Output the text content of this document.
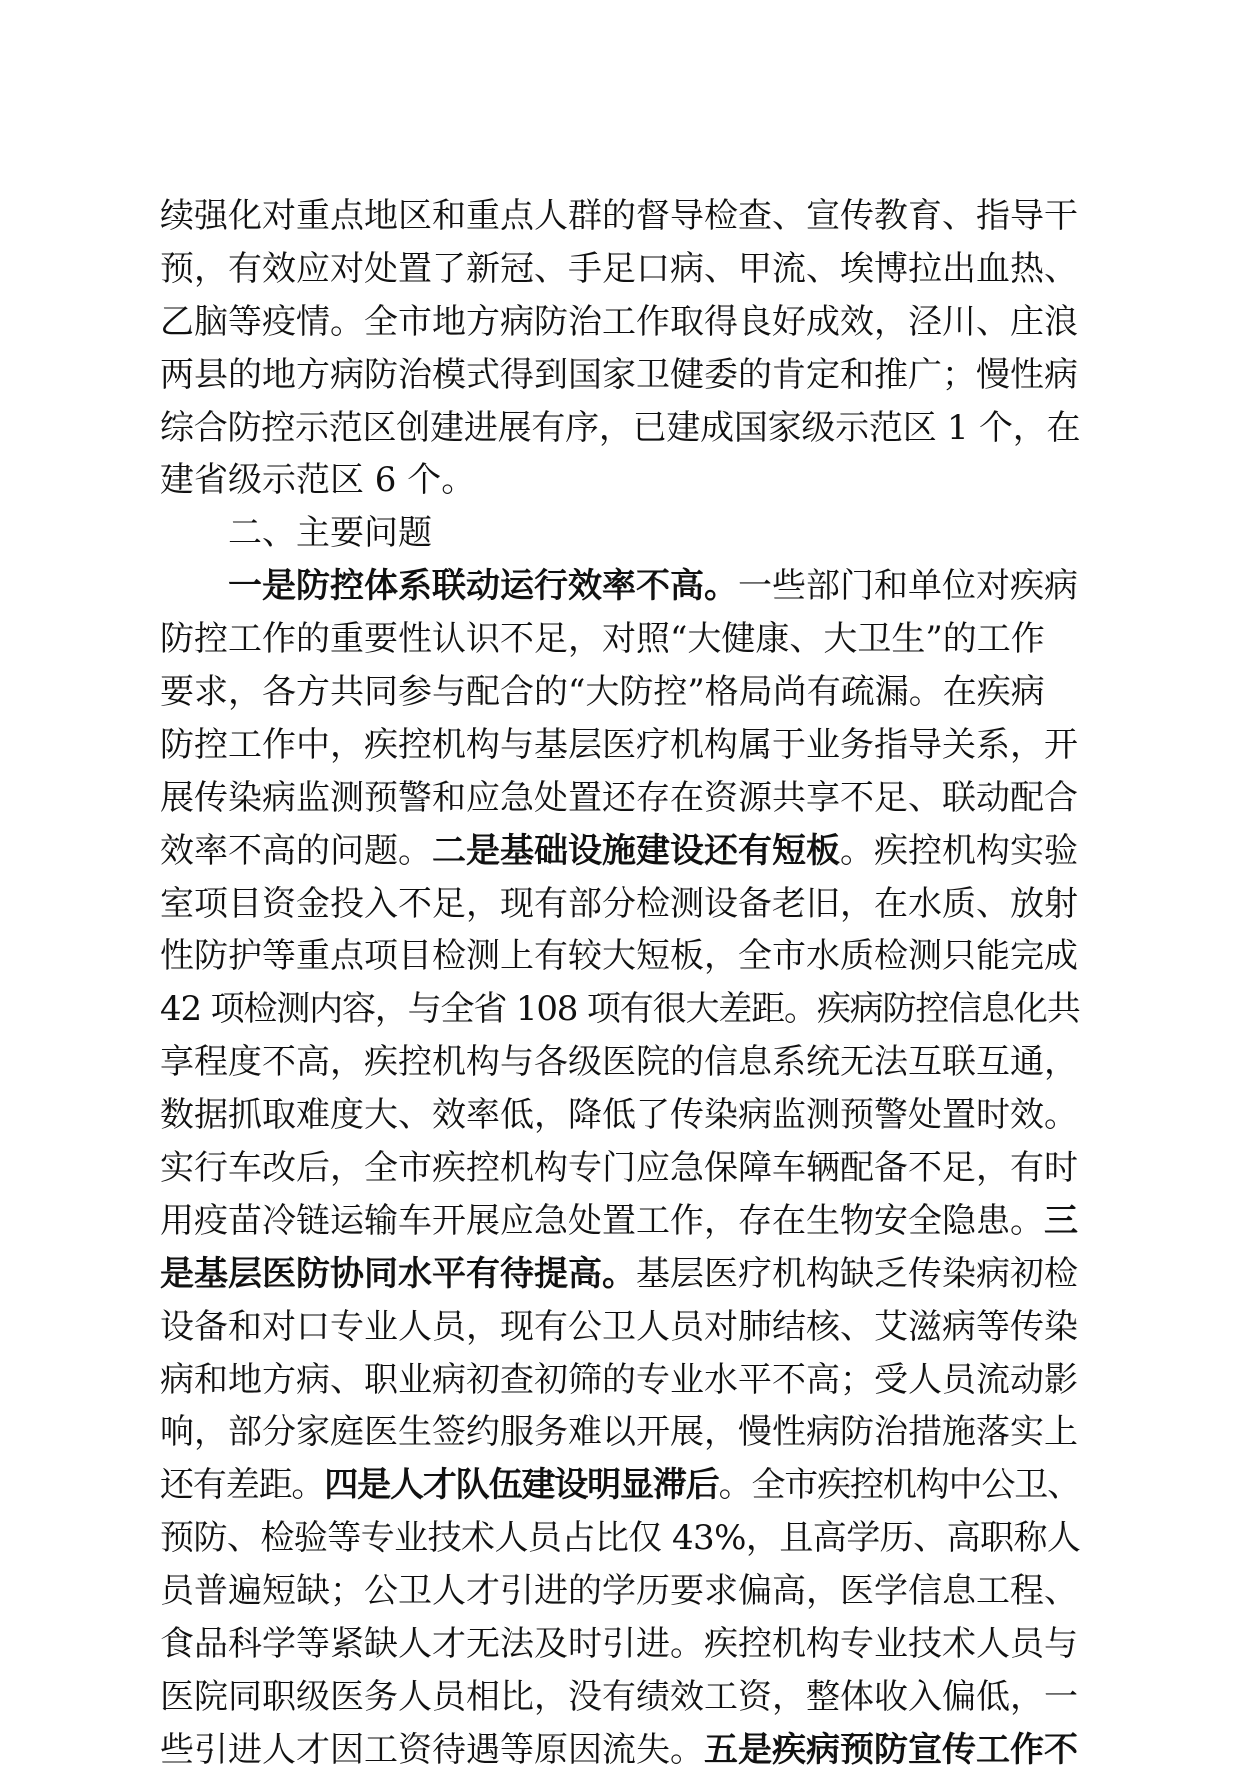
续强化对重点地区和重点人群的督导检查、宣传教育、指导干
预，有效应对处置了新冠、手足口病、甲流、埃博拉出血热、
乙脑等疫情。全市地方病防治工作取得良好成效，泾川、庄浪
两县的地方病防治模式得到国家卫健委的肯定和推广；慢性病
综合防控示范区创建进展有序，已建成国家级示范区 1 个，在
建省级示范区 6 个。
二、主要问题
一是防控体系联动运行效率不高。一些部门和单位对疾病
防控工作的重要性认识不足，对照“大健康、大卫生”的工作
要求，各方共同参与配合的“大防控”格局尚有疏漏。在疾病
防控工作中，疾控机构与基层医疗机构属于业务指导关系，开
展传染病监测预警和应急处置还存在资源共享不足、联动配合
效率不高的问题。二是基础设施建设还有短板。疾控机构实验
室项目资金投入不足，现有部分检测设备老旧，在水质、放射
性防护等重点项目检测上有较大短板，全市水质检测只能完成
42 项检测内容，与全省 108 项有很大差距。疾病防控信息化共
享程度不高，疾控机构与各级医院的信息系统无法互联互通，
数据抓取难度大、效率低，降低了传染病监测预警处置时效。
实行车改后，全市疾控机构专门应急保障车辆配备不足，有时
用疫苗冷链运输车开展应急处置工作，存在生物安全隐患。三
是基层医防协同水平有待提高。基层医疗机构缺乏传染病初检
设备和对口专业人员，现有公卫人员对肺结核、艾滋病等传染
病和地方病、职业病初查初筛的专业水平不高；受人员流动影
响，部分家庭医生签约服务难以开展，慢性病防治措施落实上
还有差距。四是人才队伍建设明显滞后。全市疾控机构中公卫、
预防、检验等专业技术人员占比仅 43%，且高学历、高职称人
员普遍短缺；公卫人才引进的学历要求偏高，医学信息工程、
食品科学等紧缺人才无法及时引进。疾控机构专业技术人员与
医院同职级医务人员相比，没有绩效工资，整体收入偏低，一
些引进人才因工资待遇等原因流失。五是疾病预防宣传工作不
